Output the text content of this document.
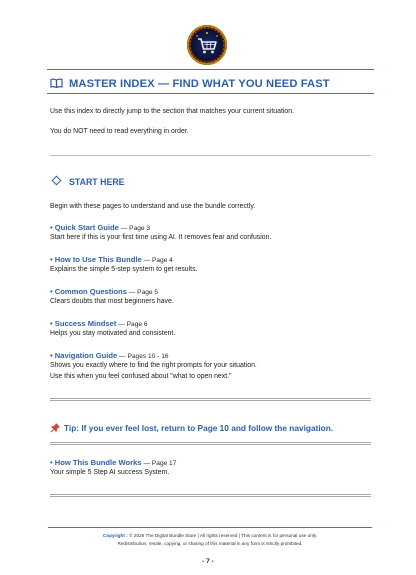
MASTER INDEX — FIND WHAT YOU NEED FAST
Use this index to directly jump to the section that matches your current situation.
You do NOT need to read everything in order.
START HERE
Begin with these pages to understand and use the bundle correctly.
• Quick Start Guide — Page 3
Start here if this is your first time using AI. It removes fear and confusion.
• How to Use This Bundle — Page 4
Explains the simple 5-step system to get results.
• Common Questions — Page 5
Clears doubts that most beginners have.
• Success Mindset — Page 6
Helps you stay motivated and consistent.
• Navigation Guide — Pages 10 - 16
Shows you exactly where to find the right prompts for your situation.
Use this when you feel confused about "what to open next."
Tip: If you ever feel lost, return to Page 10 and follow the navigation.
• How This Bundle Works — Page 17
Your simple 5 Step AI success System.
Copyright : © 2026 The Digital Bundle Store | All rights reserved | This content is for personal use only.
Redistribution, resale, copying, or sharing of this material in any form is strictly prohibited.
- 7 -
